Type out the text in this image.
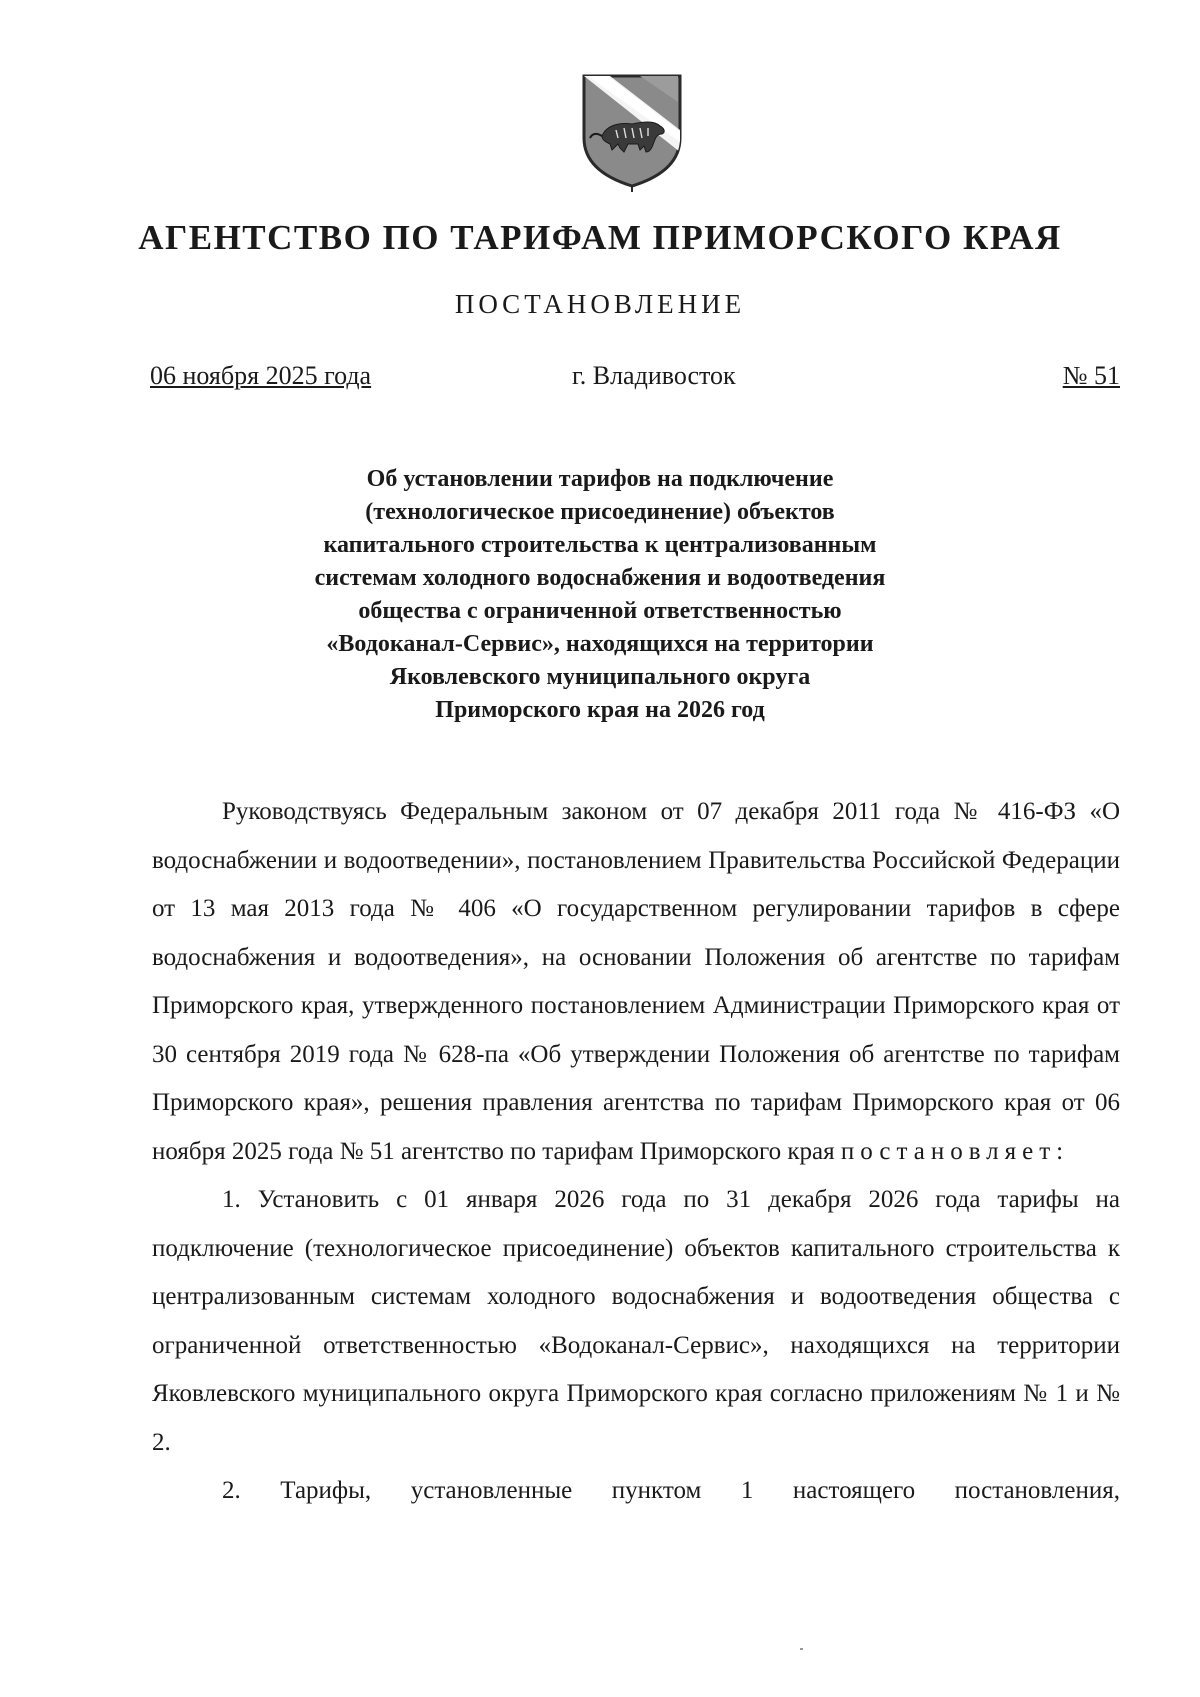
АГЕНТСТВО ПО ТАРИФАМ ПРИМОРСКОГО КРАЯ
ПОСТАНОВЛЕНИЕ
06 ноября 2025 года	г. Владивосток	№ 51
Об установлении тарифов на подключение
(технологическое присоединение) объектов
капитального строительства к централизованным
системам холодного водоснабжения и водоотведения
общества с ограниченной ответственностью
«Водоканал-Сервис», находящихся на территории
Яковлевского муниципального округа
Приморского края на 2026 год

Руководствуясь Федеральным законом от 07 декабря 2011 года № 416-ФЗ «О водоснабжении и водоотведении», постановлением Правительства Российской Федерации от 13 мая 2013 года № 406 «О государственном регулировании тарифов в сфере водоснабжения и водоотведения», на основании Положения об агентстве по тарифам Приморского края, утвержденного постановлением Администрации Приморского края от 30 сентября 2019 года № 628-па «Об утверждении Положения об агентстве по тарифам Приморского края», решения правления агентства по тарифам Приморского края от 06 ноября 2025 года № 51 агентство по тарифам Приморского края постановляет:

1. Установить с 01 января 2026 года по 31 декабря 2026 года тарифы на подключение (технологическое присоединение) объектов капитального строительства к централизованным системам холодного водоснабжения и водоотведения общества с ограниченной ответственностью «Водоканал-Сервис», находящихся на территории Яковлевского муниципального округа Приморского края согласно приложениям № 1 и № 2.

2. Тарифы, установленные пунктом 1 настоящего постановления,
